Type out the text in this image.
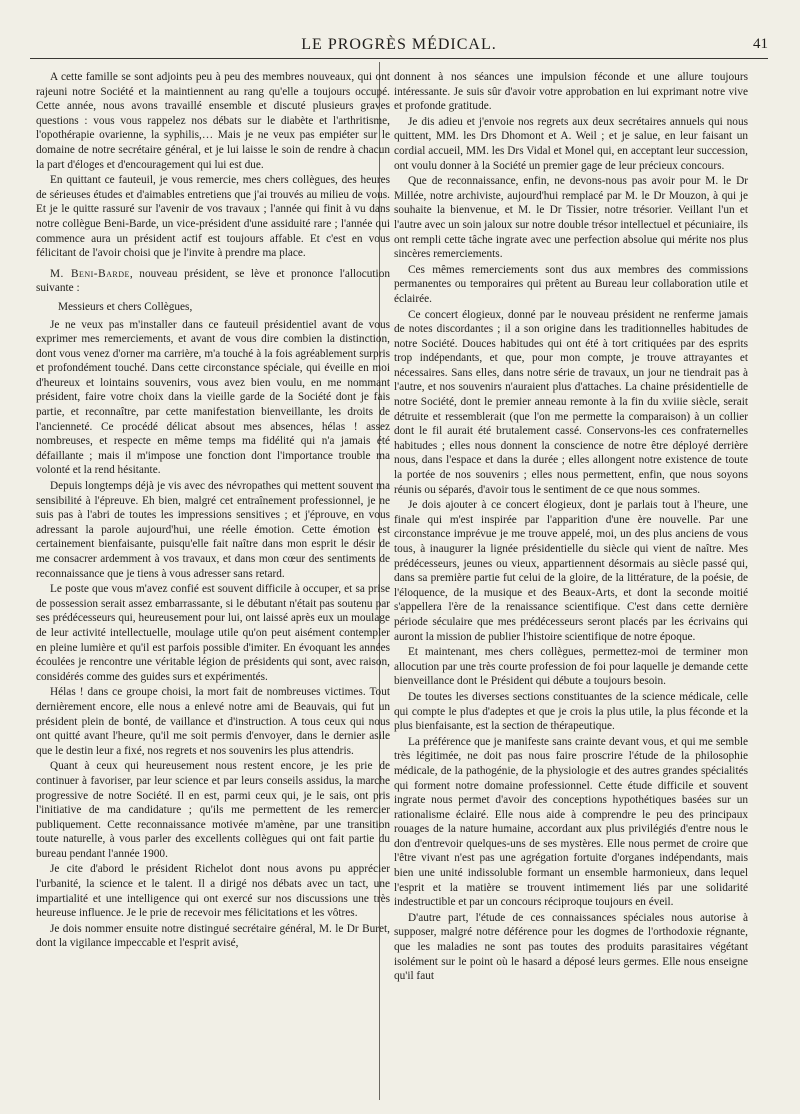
LE PROGRÈS MÉDICAL.	41

A cette famille se sont adjoints peu à peu des membres nouveaux, qui ont rajeuni notre Société et la maintiennent au rang qu'elle a toujours occupé. Cette année, nous avons travaillé ensemble et discuté plusieurs graves questions : vous vous rappelez nos débats sur le diabète et l'arthritisme, l'opothérapie ovarienne, la syphilis,… Mais je ne veux pas empiéter sur le domaine de notre secrétaire général, et je lui laisse le soin de rendre à chacun la part d'éloges et d'encouragement qui lui est due.

En quittant ce fauteuil, je vous remercie, mes chers collègues, des heures de sérieuses études et d'aimables entretiens que j'ai trouvés au milieu de vous. Et je le quitte rassuré sur l'avenir de vos travaux ; l'année qui finit à vu dans notre collègue Beni-Barde, un vice-président d'une assiduité rare ; l'année qui commence aura un président actif est toujours affable. Et c'est en vous félicitant de l'avoir choisi que je l'invite à prendre ma place.

M. Beni-Barde, nouveau président, se lève et prononce l'allocution suivante :

Messieurs et chers Collègues,

Je ne veux pas m'installer dans ce fauteuil présidentiel avant de vous exprimer mes remerciements, et avant de vous dire combien la distinction, dont vous venez d'orner ma carrière, m'a touché à la fois agréablement surpris et profondément touché. Dans cette circonstance spéciale, qui éveille en moi d'heureux et lointains souvenirs, vous avez bien voulu, en me nommant président, faire votre choix dans la vieille garde de la Société dont je fais partie, et reconnaître, par cette manifestation bienveillante, les droits de l'ancienneté. Ce procédé délicat absout mes absences, hélas ! assez nombreuses, et respecte en même temps ma fidélité qui n'a jamais été défaillante ; mais il m'impose une fonction dont l'importance trouble ma volonté et la rend hésitante.

Depuis longtemps déjà je vis avec des névropathes qui mettent souvent ma sensibilité à l'épreuve. Eh bien, malgré cet entraînement professionnel, je ne suis pas à l'abri de toutes les impressions sensitives ; et j'éprouve, en vous adressant la parole aujourd'hui, une réelle émotion. Cette émotion est certainement bienfaisante, puisqu'elle fait naître dans mon esprit le désir de me consacrer ardemment à vos travaux, et dans mon cœur des sentiments de reconnaissance que je tiens à vous adresser sans retard.

Le poste que vous m'avez confié est souvent difficile à occuper, et sa prise de possession serait assez embarrassante, si le débutant n'était pas soutenu par ses prédécesseurs qui, heureusement pour lui, ont laissé après eux un moulage de leur activité intellectuelle, moulage utile qu'on peut aisément contempler en pleine lumière et qu'il est parfois possible d'imiter. En évoquant les années écoulées je rencontre une véritable légion de présidents qui sont, avec raison, considérés comme des guides surs et expérimentés.

Hélas ! dans ce groupe choisi, la mort fait de nombreuses victimes. Tout dernièrement encore, elle nous a enlevé notre ami de Beauvais, qui fut un président plein de bonté, de vaillance et d'instruction. A tous ceux qui nous ont quitté avant l'heure, qu'il me soit permis d'envoyer, dans le dernier asile que le destin leur a fixé, nos regrets et nos souvenirs les plus attendris.

Quant à ceux qui heureusement nous restent encore, je les prie de continuer à favoriser, par leur science et par leurs conseils assidus, la marche progressive de notre Société. Il en est, parmi ceux qui, je le sais, ont pris l'initiative de ma candidature ; qu'ils me permettent de les remercier publiquement. Cette reconnaissance motivée m'amène, par une transition toute naturelle, à vous parler des excellents collègues qui ont fait partie du bureau pendant l'année 1900.

Je cite d'abord le président Richelot dont nous avons pu apprécier l'urbanité, la science et le talent. Il a dirigé nos débats avec un tact, une impartialité et une intelligence qui ont exercé sur nos discussions une très heureuse influence. Je le prie de recevoir mes félicitations et les vôtres.

Je dois nommer ensuite notre distingué secrétaire général, M. le Dr Buret, dont la vigilance impeccable et l'esprit avisé,

donnent à nos séances une impulsion féconde et une allure toujours intéressante. Je suis sûr d'avoir votre approbation en lui exprimant notre vive et profonde gratitude.

Je dis adieu et j'envoie nos regrets aux deux secrétaires annuels qui nous quittent, MM. les Drs Dhomont et A. Weil ; et je salue, en leur faisant un cordial accueil, MM. les Drs Vidal et Monel qui, en acceptant leur succession, ont voulu donner à la Société un premier gage de leur précieux concours.

Que de reconnaissance, enfin, ne devons-nous pas avoir pour M. le Dr Millée, notre archiviste, aujourd'hui remplacé par M. le Dr Mouzon, à qui je souhaite la bienvenue, et M. le Dr Tissier, notre trésorier. Veillant l'un et l'autre avec un soin jaloux sur notre double trésor intellectuel et pécuniaire, ils ont rempli cette tâche ingrate avec une perfection absolue qui mérite nos plus sincères remerciements.

Ces mêmes remerciements sont dus aux membres des commissions permanentes ou temporaires qui prêtent au Bureau leur collaboration utile et éclairée.

Ce concert élogieux, donné par le nouveau président ne renferme jamais de notes discordantes ; il a son origine dans les traditionnelles habitudes de notre Société. Douces habitudes qui ont été à tort critiquées par des esprits trop indépendants, et que, pour mon compte, je trouve attrayantes et nécessaires. Sans elles, dans notre série de travaux, un jour ne tiendrait pas à l'autre, et nos souvenirs n'auraient plus d'attaches. La chaine présidentielle de notre Société, dont le premier anneau remonte à la fin du xviiie siècle, serait détruite et ressemblerait (que l'on me permette la comparaison) à un collier dont le fil aurait été brutalement cassé. Conservons-les ces confraternelles habitudes ; elles nous donnent la conscience de notre être déployé derrière nous, dans l'espace et dans la durée ; elles allongent notre existence de toute la portée de nos souvenirs ; elles nous permettent, enfin, que nous soyons réunis ou séparés, d'avoir tous le sentiment de ce que nous sommes.

Je dois ajouter à ce concert élogieux, dont je parlais tout à l'heure, une finale qui m'est inspirée par l'apparition d'une ère nouvelle. Par une circonstance imprévue je me trouve appelé, moi, un des plus anciens de vous tous, à inaugurer la lignée présidentielle du siècle qui vient de naître. Mes prédécesseurs, jeunes ou vieux, appartiennent désormais au siècle passé qui, dans sa première partie fut celui de la gloire, de la littérature, de la poésie, de l'éloquence, de la musique et des Beaux-Arts, et dont la seconde moitié s'appellera l'ère de la renaissance scientifique. C'est dans cette dernière période séculaire que mes prédécesseurs seront placés par les écrivains qui auront la mission de publier l'histoire scientifique de notre époque.

Et maintenant, mes chers collègues, permettez-moi de terminer mon allocution par une très courte profession de foi pour laquelle je demande cette bienveillance dont le Président qui débute a toujours besoin.

De toutes les diverses sections constituantes de la science médicale, celle qui compte le plus d'adeptes et que je crois la plus utile, la plus féconde et la plus bienfaisante, est la section de thérapeutique.

La préférence que je manifeste sans crainte devant vous, et qui me semble très légitimée, ne doit pas nous faire proscrire l'étude de la philosophie médicale, de la pathogénie, de la physiologie et des autres grandes spécialités qui forment notre domaine professionnel. Cette étude difficile et souvent ingrate nous permet d'avoir des conceptions hypothétiques basées sur un rationalisme éclairé. Elle nous aide à comprendre le peu des principaux rouages de la nature humaine, accordant aux plus privilégiés d'entre nous le don d'entrevoir quelques-uns de ses mystères. Elle nous permet de croire que l'être vivant n'est pas une agrégation fortuite d'organes indépendants, mais bien une unité indissoluble formant un ensemble harmonieux, dans lequel l'esprit et la matière se trouvent intimement liés par une solidarité indestructible et par un concours réciproque toujours en éveil.

D'autre part, l'étude de ces connaissances spéciales nous autorise à supposer, malgré notre déférence pour les dogmes de l'orthodoxie régnante, que les maladies ne sont pas toutes des produits parasitaires végétant isolément sur le point où le hasard a déposé leurs germes. Elle nous enseigne qu'il faut
